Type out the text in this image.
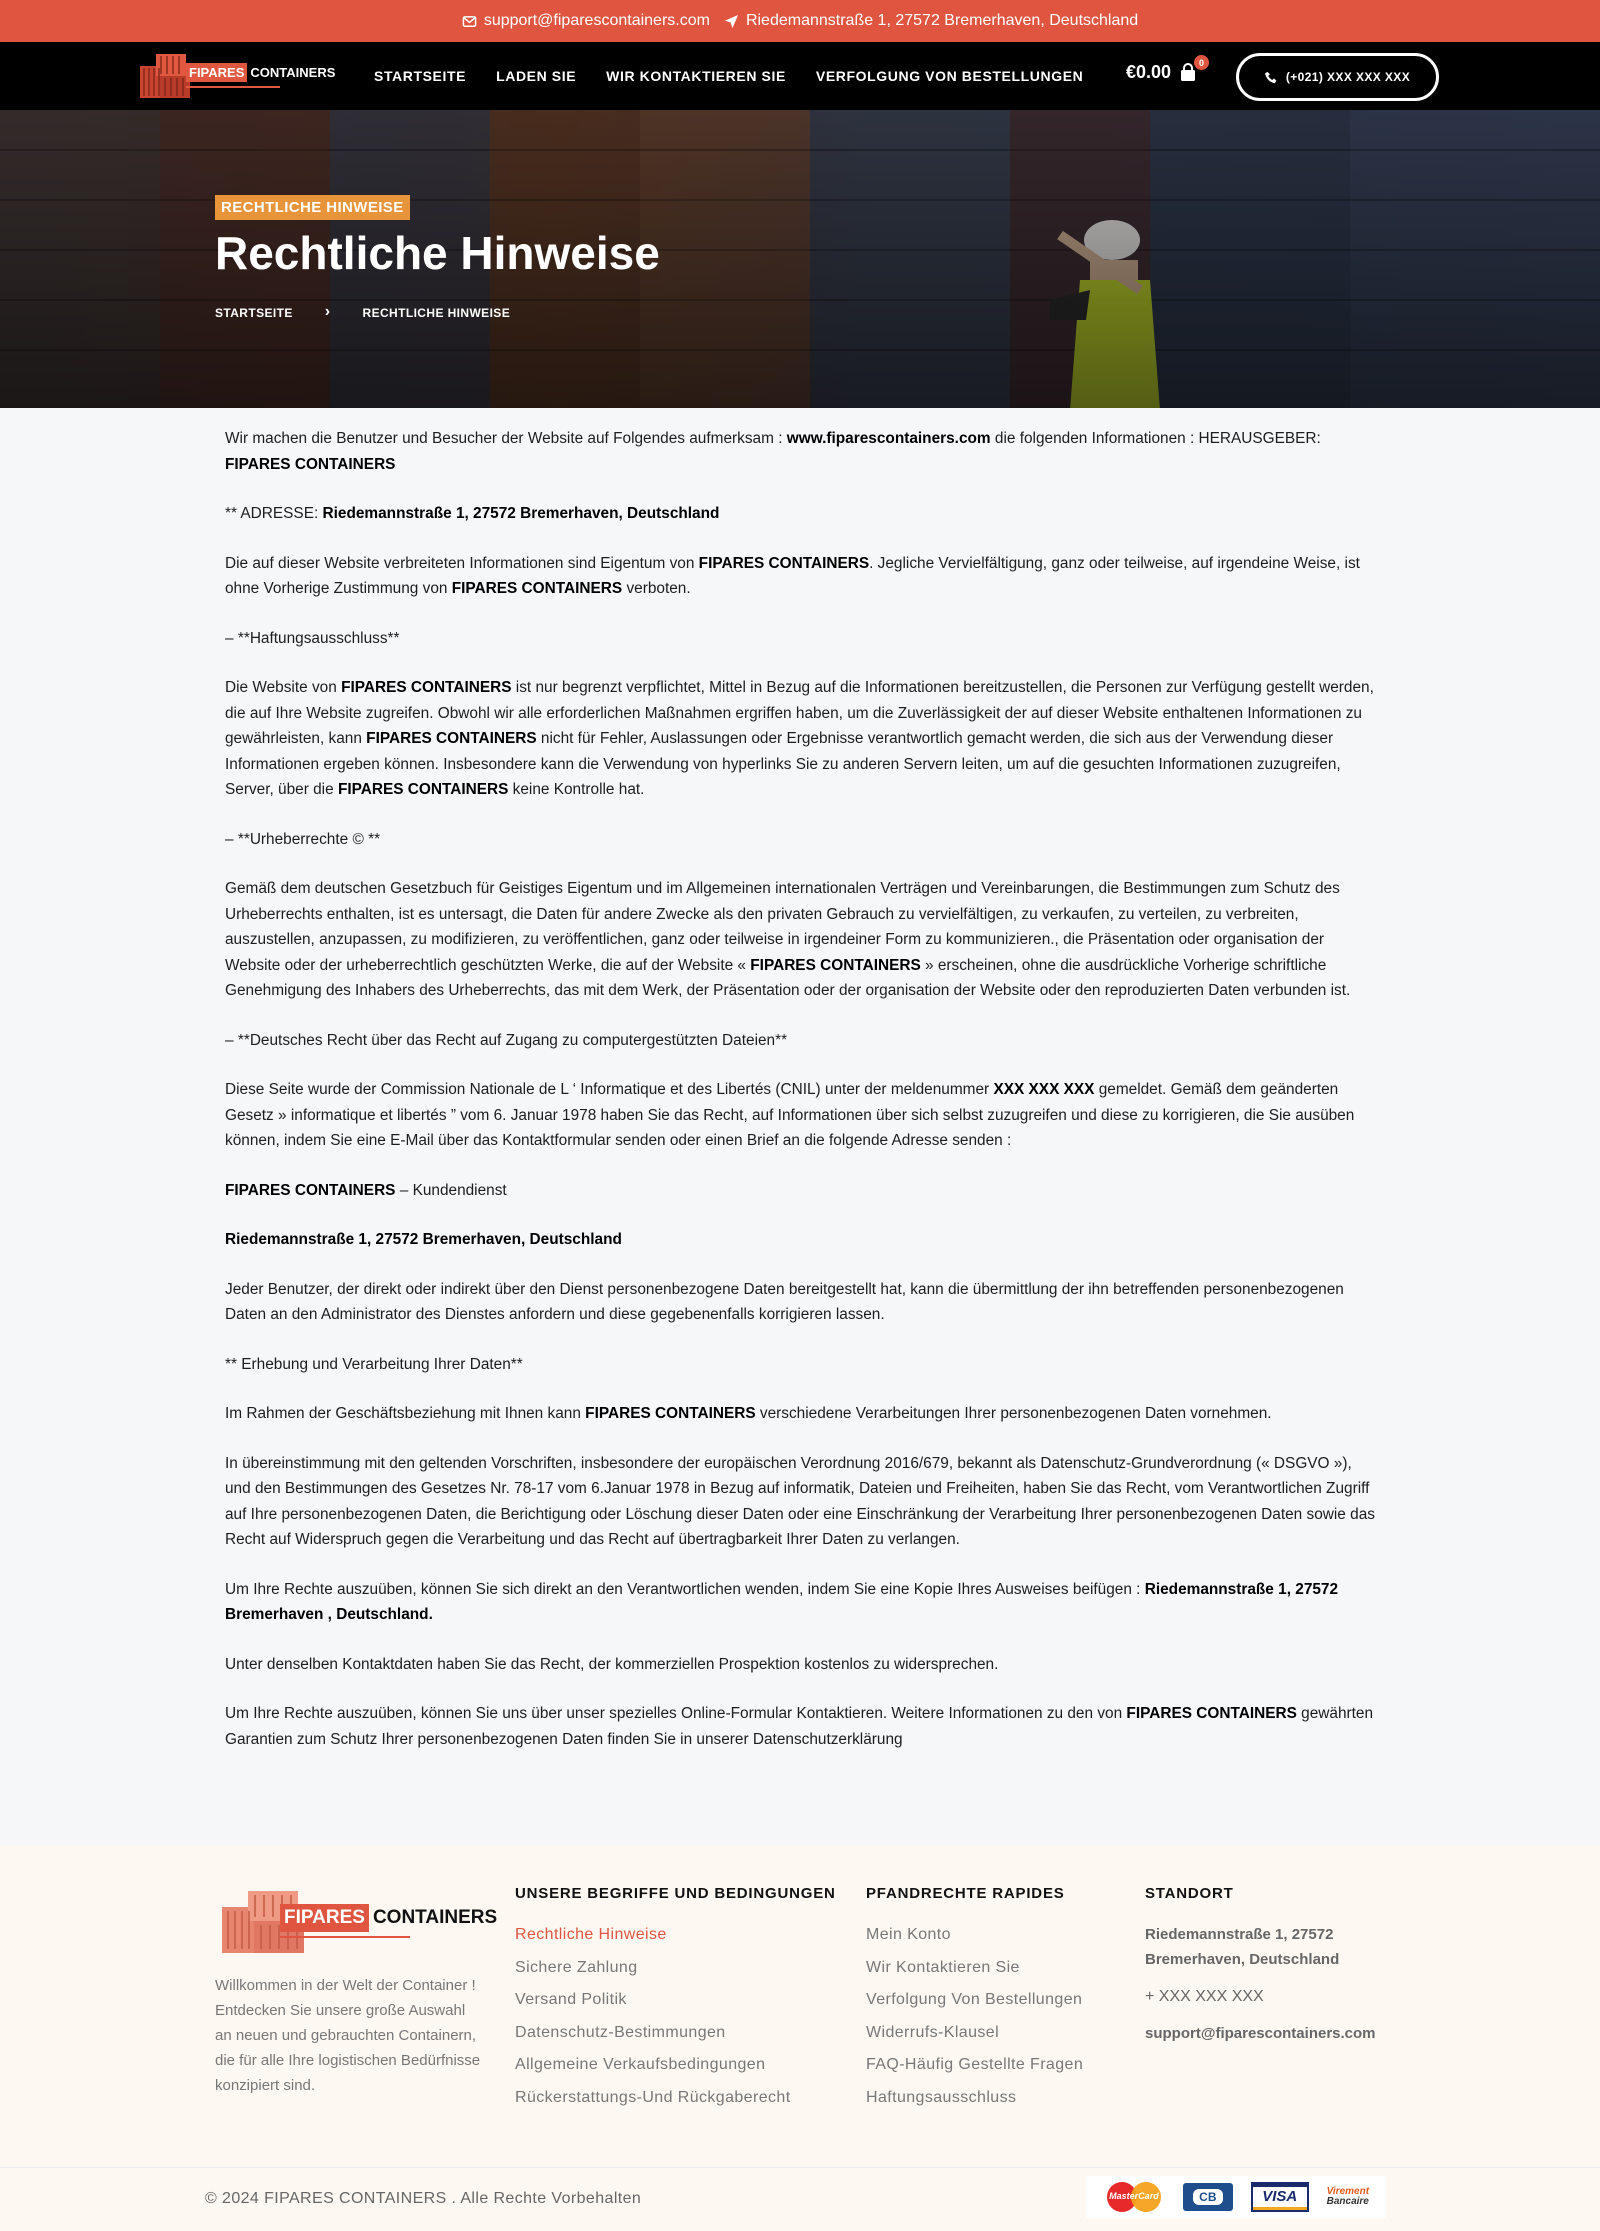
support@fiparescontainers.com Riedemannstraße 1, 27572 Bremerhaven, Deutschland
FIPARES CONTAINERS	STARTSEITE LADEN SIE WIR KONTAKTIEREN SIE VERFOLGUNG VON BESTELLUNGEN €0.00	0
(+021) XXX XXX XXX
RECHTLICHE HINWEISE
Rechtliche Hinweise
STARTSEITE ›	RECHTLICHE HINWEISE

Wir machen die Benutzer und Besucher der Website auf Folgendes aufmerksam : www.fiparescontainers.com die folgenden Informationen : HERAUSGEBER: FIPARES CONTAINERS

** ADRESSE: Riedemannstraße 1, 27572 Bremerhaven, Deutschland

Die auf dieser Website verbreiteten Informationen sind Eigentum von FIPARES CONTAINERS. Jegliche Vervielfältigung, ganz oder teilweise, auf irgendeine Weise, ist ohne Vorherige Zustimmung von FIPARES CONTAINERS verboten.

– **Haftungsausschluss**

Die Website von FIPARES CONTAINERS ist nur begrenzt verpflichtet, Mittel in Bezug auf die Informationen bereitzustellen, die Personen zur Verfügung gestellt werden, die auf Ihre Website zugreifen. Obwohl wir alle erforderlichen Maßnahmen ergriffen haben, um die Zuverlässigkeit der auf dieser Website enthaltenen Informationen zu gewährleisten, kann FIPARES CONTAINERS nicht für Fehler, Auslassungen oder Ergebnisse verantwortlich gemacht werden, die sich aus der Verwendung dieser Informationen ergeben können. Insbesondere kann die Verwendung von hyperlinks Sie zu anderen Servern leiten, um auf die gesuchten Informationen zuzugreifen, Server, über die FIPARES CONTAINERS keine Kontrolle hat.

– **Urheberrechte © **

Gemäß dem deutschen Gesetzbuch für Geistiges Eigentum und im Allgemeinen internationalen Verträgen und Vereinbarungen, die Bestimmungen zum Schutz des Urheberrechts enthalten, ist es untersagt, die Daten für andere Zwecke als den privaten Gebrauch zu vervielfältigen, zu verkaufen, zu verteilen, zu verbreiten, auszustellen, anzupassen, zu modifizieren, zu veröffentlichen, ganz oder teilweise in irgendeiner Form zu kommunizieren., die Präsentation oder organisation der Website oder der urheberrechtlich geschützten Werke, die auf der Website « FIPARES CONTAINERS » erscheinen, ohne die ausdrückliche Vorherige schriftliche Genehmigung des Inhabers des Urheberrechts, das mit dem Werk, der Präsentation oder der organisation der Website oder den reproduzierten Daten verbunden ist.

– **Deutsches Recht über das Recht auf Zugang zu computergestützten Dateien**

Diese Seite wurde der Commission Nationale de L ‘ Informatique et des Libertés (CNIL) unter der meldenummer XXX XXX XXX gemeldet. Gemäß dem geänderten Gesetz » informatique et libertés ” vom 6. Januar 1978 haben Sie das Recht, auf Informationen über sich selbst zuzugreifen und diese zu korrigieren, die Sie ausüben können, indem Sie eine E-Mail über das Kontaktformular senden oder einen Brief an die folgende Adresse senden :

FIPARES CONTAINERS – Kundendienst

Riedemannstraße 1, 27572 Bremerhaven, Deutschland

Jeder Benutzer, der direkt oder indirekt über den Dienst personenbezogene Daten bereitgestellt hat, kann die übermittlung der ihn betreffenden personenbezogenen Daten an den Administrator des Dienstes anfordern und diese gegebenenfalls korrigieren lassen.

** Erhebung und Verarbeitung Ihrer Daten**

Im Rahmen der Geschäftsbeziehung mit Ihnen kann FIPARES CONTAINERS verschiedene Verarbeitungen Ihrer personenbezogenen Daten vornehmen.

In übereinstimmung mit den geltenden Vorschriften, insbesondere der europäischen Verordnung 2016/679, bekannt als Datenschutz-Grundverordnung (« DSGVO »), und den Bestimmungen des Gesetzes Nr. 78-17 vom 6.Januar 1978 in Bezug auf informatik, Dateien und Freiheiten, haben Sie das Recht, vom Verantwortlichen Zugriff auf Ihre personenbezogenen Daten, die Berichtigung oder Löschung dieser Daten oder eine Einschränkung der Verarbeitung Ihrer personenbezogenen Daten sowie das Recht auf Widerspruch gegen die Verarbeitung und das Recht auf übertragbarkeit Ihrer Daten zu verlangen.

Um Ihre Rechte auszuüben, können Sie sich direkt an den Verantwortlichen wenden, indem Sie eine Kopie Ihres Ausweises beifügen : Riedemannstraße 1, 27572 Bremerhaven , Deutschland.

Unter denselben Kontaktdaten haben Sie das Recht, der kommerziellen Prospektion kostenlos zu widersprechen.

Um Ihre Rechte auszuüben, können Sie uns über unser spezielles Online-Formular Kontaktieren. Weitere Informationen zu den von FIPARES CONTAINERS gewährten Garantien zum Schutz Ihrer personenbezogenen Daten finden Sie in unserer Datenschutzerklärung

FIPARES CONTAINERS
Willkommen in der Welt der Container ! Entdecken Sie unsere große Auswahl an neuen und gebrauchten Containern, die für alle Ihre logistischen Bedürfnisse konzipiert sind.
UNSERE BEGRIFFE UND BEDINGUNGEN
Rechtliche Hinweise
Sichere Zahlung
Versand Politik
Datenschutz-Bestimmungen
Allgemeine Verkaufsbedingungen
Rückerstattungs-Und Rückgaberecht
PFANDRECHTE RAPIDES
Mein Konto
Wir Kontaktieren Sie
Verfolgung Von Bestellungen
Widerrufs-Klausel
FAQ-Häufig Gestellte Fragen
Haftungsausschluss
STANDORT
Riedemannstraße 1, 27572 Bremerhaven, Deutschland
+ XXX XXX XXX
support@fiparescontainers.com
© 2024 FIPARES CONTAINERS . Alle Rechte Vorbehalten	MasterCard	CB	VISA	Virement
Bancaire
